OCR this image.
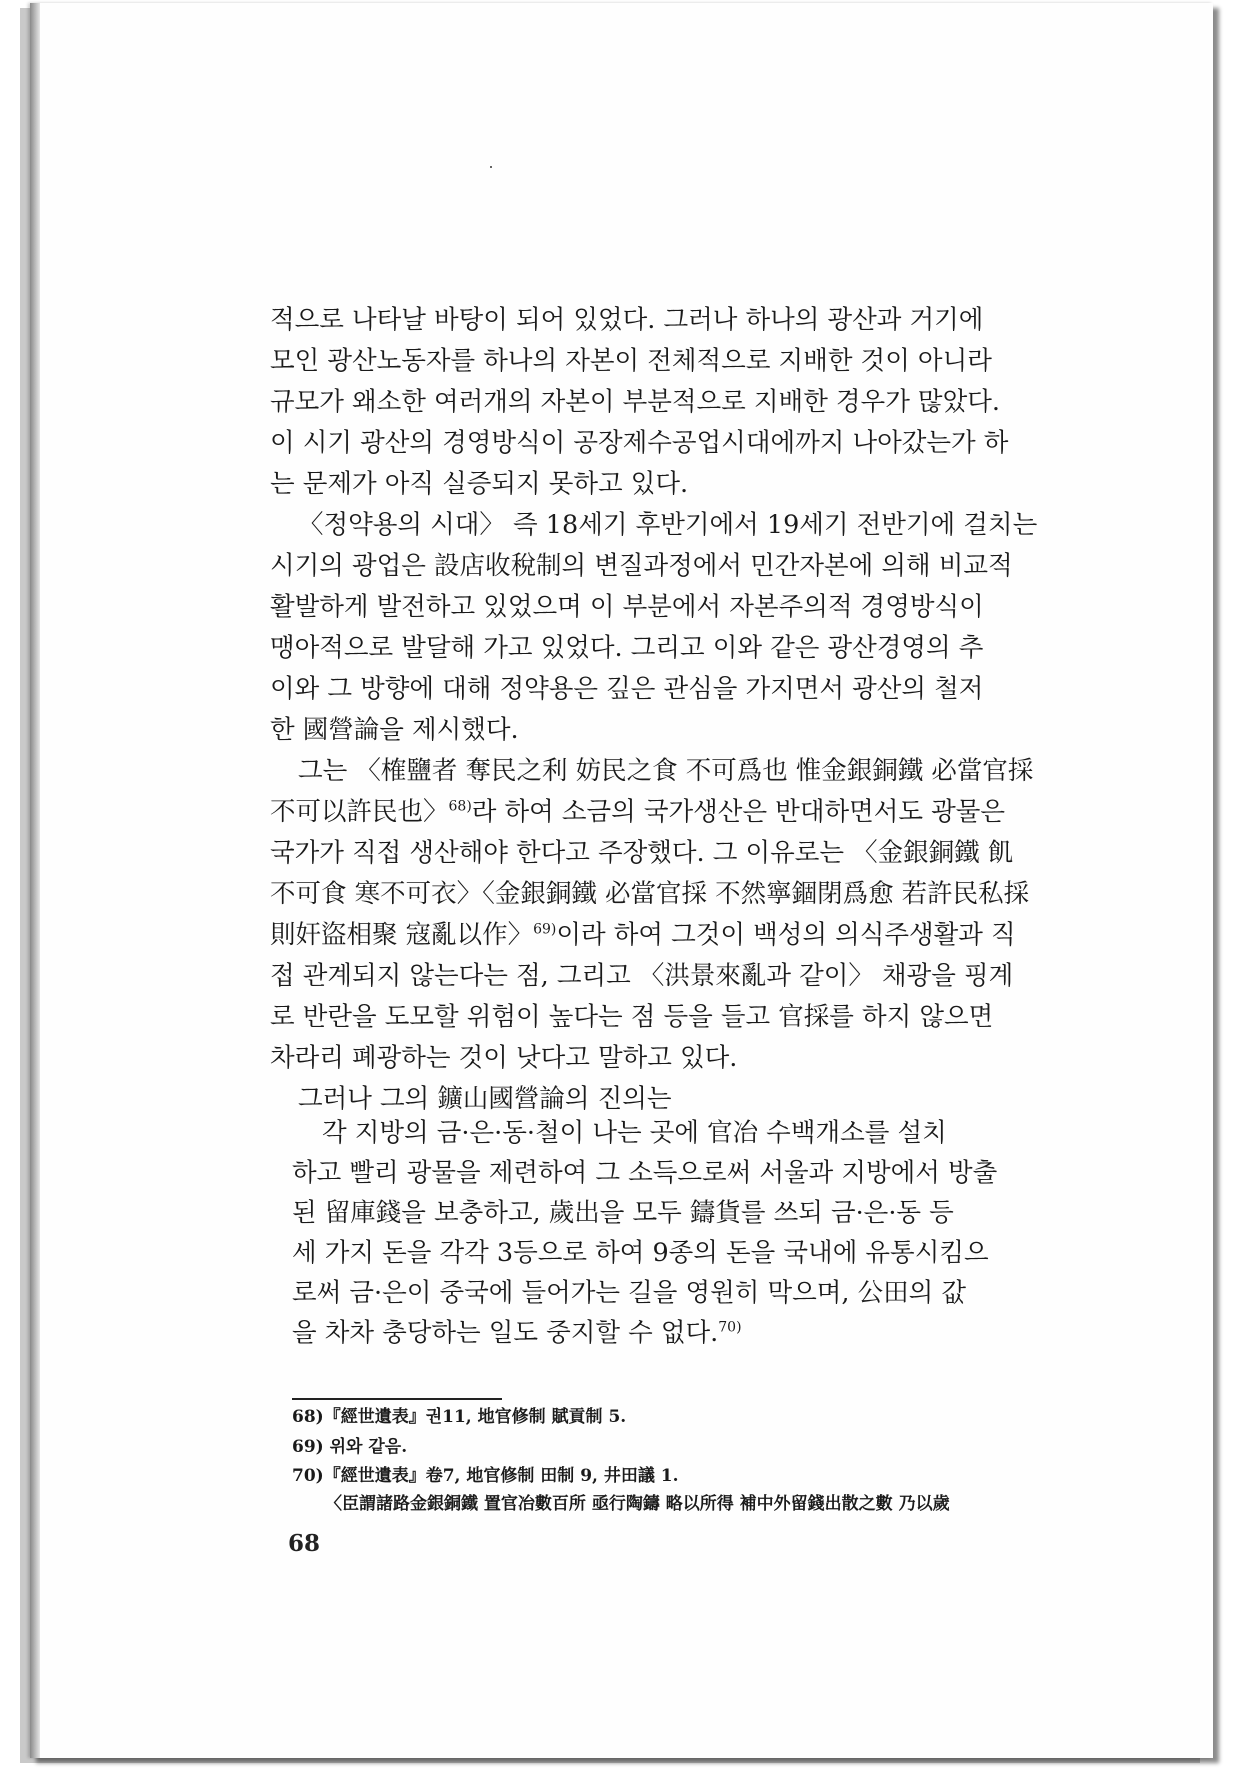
적으로 나타날 바탕이 되어 있었다. 그러나 하나의 광산과 거기에
모인 광산노동자를 하나의 자본이 전체적으로 지배한 것이 아니라
규모가 왜소한 여러개의 자본이 부분적으로 지배한 경우가 많았다.
이 시기 광산의 경영방식이 공장제수공업시대에까지 나아갔는가 하
는 문제가 아직 실증되지 못하고 있다.

〈정약용의 시대〉 즉 18세기 후반기에서 19세기 전반기에 걸치는
시기의 광업은 設店收稅制의 변질과정에서 민간자본에 의해 비교적
활발하게 발전하고 있었으며 이 부분에서 자본주의적 경영방식이
맹아적으로 발달해 가고 있었다. 그리고 이와 같은 광산경영의 추
이와 그 방향에 대해 정약용은 깊은 관심을 가지면서 광산의 철저
한 國營論을 제시했다.

그는 〈榷鹽者 奪民之利 妨民之食 不可爲也 惟金銀銅鐵 必當官採
不可以許民也〉$^{68)}$라 하여 소금의 국가생산은 반대하면서도 광물은
국가가 직접 생산해야 한다고 주장했다. 그 이유로는 〈金銀銅鐵 飢
不可食 寒不可衣〉〈金銀銅鐵 必當官採 不然寧錮閉爲愈 若許民私採
則奸盜相聚 寇亂以作〉$^{69)}$이라 하여 그것이 백성의 의식주생활과 직
접 관계되지 않는다는 점, 그리고 〈洪景來亂과 같이〉 채광을 핑계
로 반란을 도모할 위험이 높다는 점 등을 들고 官採를 하지 않으면
차라리 폐광하는 것이 낫다고 말하고 있다.

그러나 그의 鑛山國營論의 진의는

각 지방의 금·은·동·철이 나는 곳에 官冶 수백개소를 설치
하고 빨리 광물을 제련하여 그 소득으로써 서울과 지방에서 방출
된 留庫錢을 보충하고, 歲出을 모두 鑄貨를 쓰되 금·은·동 등
세 가지 돈을 각각 3등으로 하여 9종의 돈을 국내에 유통시킴으
로써 금·은이 중국에 들어가는 길을 영원히 막으며, 公田의 값
을 차차 충당하는 일도 중지할 수 없다.$^{70)}$

68)『經世遺表』권11, 地官修制 賦貢制 5.
69) 위와 같음.
70)『經世遺表』卷7, 地官修制 田制 9, 井田議 1.
〈臣謂諸路金銀銅鐵 置官冶數百所 亟行陶鑄 略以所得 補中外留錢出散之數 乃以歲
68
